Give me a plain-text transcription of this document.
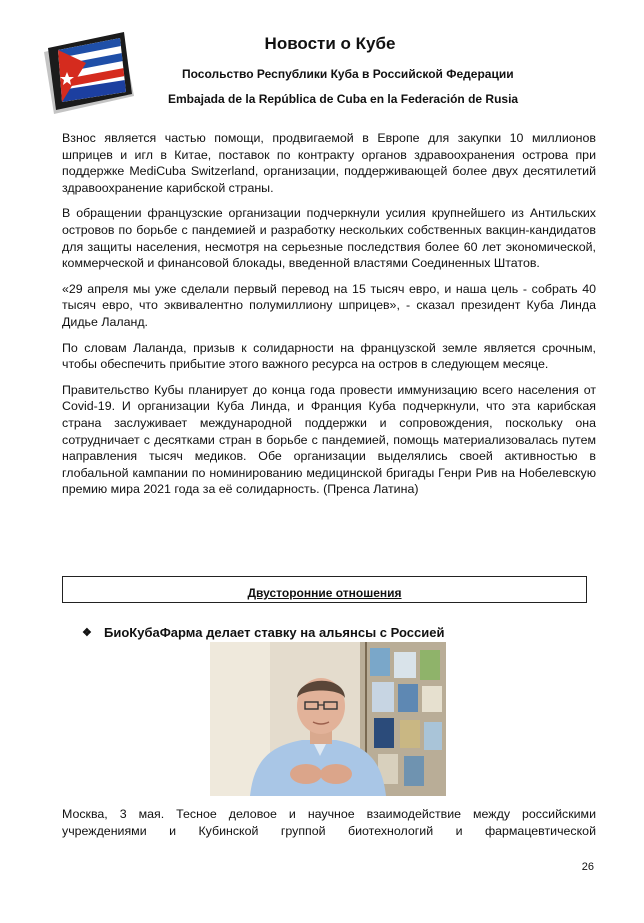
Новости о Кубе
Посольство Республики Куба в Российской Федерации
Embajada de la República de Cuba en la Federación de Rusia

Взнос является частью помощи, продвигаемой в Европе для закупки 10 миллионов шприцев и игл в Китае, поставок по контракту органов здравоохранения острова при поддержке MediCuba Switzerland, организации, поддерживающей более двух десятилетий здравоохранение карибской страны.

В обращении французские организации подчеркнули усилия крупнейшего из Антильских островов по борьбе с пандемией и разработку нескольких собственных вакцин-кандидатов для защиты населения, несмотря на серьезные последствия более 60 лет экономической, коммерческой и финансовой блокады, введенной властями Соединенных Штатов.

«29 апреля мы уже сделали первый перевод на 15 тысяч евро, и наша цель - собрать 40 тысяч евро, что эквивалентно полумиллиону шприцев», - сказал президент Куба Линда Дидье Лаланд.

По словам Лаланда, призыв к солидарности на французской земле является срочным, чтобы обеспечить прибытие этого важного ресурса на остров в следующем месяце.

Правительство Кубы планирует до конца года провести иммунизацию всего населения от Covid-19. И организации Куба Линда, и Франция Куба подчеркнули, что эта карибская страна заслуживает международной поддержки и сопровождения, поскольку она сотрудничает с десятками стран в борьбе с пандемией, помощь материализовалась путем направления тысяч медиков. Обе организации выделялись своей активностью в глобальной кампании по номинированию медицинской бригады Генри Рив на Нобелевскую премию мира 2021 года за её солидарность. (Пренса Латина)

Двусторонние отношения
❖ БиоКубаФарма делает ставку на альянсы с Россией

Москва, 3 мая. Тесное деловое и научное взаимодействие между российскими

учреждениями и Кубинской группой биотехнологий и фармацевтической

26
